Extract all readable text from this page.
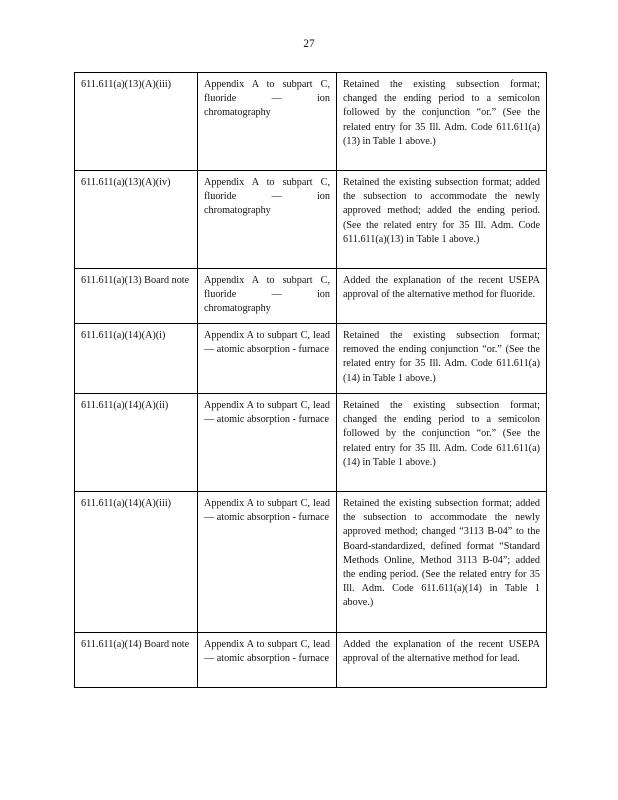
27
611.611(a)(13)(A)(iii)	Appendix A to subpart C, fluoride — ion chromatography	Retained the existing subsection format; changed the ending period to a semicolon followed by the conjunction “or.” (See the related entry for 35 Ill. Adm. Code 611.611(a)(13) in Table 1 above.)
611.611(a)(13)(A)(iv)	Appendix A to subpart C, fluoride — ion chromatography	Retained the existing subsection format; added the subsection to accommodate the newly approved method; added the ending period. (See the related entry for 35 Ill. Adm. Code 611.611(a)(13) in Table 1 above.)
611.611(a)(13) Board note	Appendix A to subpart C, fluoride — ion chromatography	Added the explanation of the recent USEPA approval of the alternative method for fluoride.
611.611(a)(14)(A)(i)	Appendix A to subpart C, lead — atomic absorption - furnace	Retained the existing subsection format; removed the ending conjunction “or.” (See the related entry for 35 Ill. Adm. Code 611.611(a)(14) in Table 1 above.)
611.611(a)(14)(A)(ii)	Appendix A to subpart C, lead — atomic absorption - furnace	Retained the existing subsection format; changed the ending period to a semicolon followed by the conjunction “or.” (See the related entry for 35 Ill. Adm. Code 611.611(a)(14) in Table 1 above.)
611.611(a)(14)(A)(iii)	Appendix A to subpart C, lead — atomic absorption - furnace	Retained the existing subsection format; added the subsection to accommodate the newly approved method; changed “3113 B-04” to the Board-standardized, defined format “Standard Methods Online, Method 3113 B-04”; added the ending period. (See the related entry for 35 Ill. Adm. Code 611.611(a)(14) in Table 1 above.)
611.611(a)(14) Board note	Appendix A to subpart C, lead — atomic absorption - furnace	Added the explanation of the recent USEPA approval of the alternative method for lead.
